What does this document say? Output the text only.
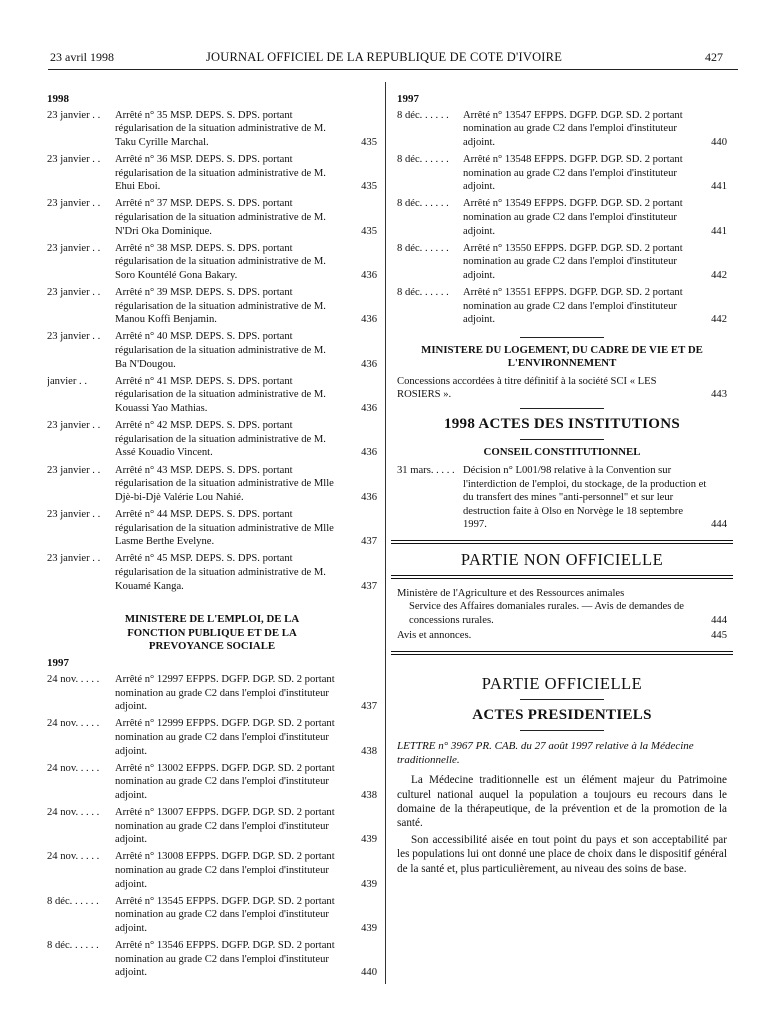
23 avril 1998	JOURNAL OFFICIEL DE LA REPUBLIQUE DE COTE D'IVOIRE	427
1998
23 janvier . .	Arrêté n° 35 MSP. DEPS. S. DPS. portant régularisation de la situation administrative de M. Taku Cyrille Marchal.	435
23 janvier . .	Arrêté n° 36 MSP. DEPS. S. DPS. portant régularisation de la situation administrative de M. Ehui Eboi.	435
23 janvier . .	Arrêté n° 37 MSP. DEPS. S. DPS. portant régularisation de la situation administrative de M. N'Dri Oka Dominique.	435
23 janvier . .	Arrêté n° 38 MSP. DEPS. S. DPS. portant régularisation de la situation administrative de M. Soro Kountélé Gona Bakary.	436
23 janvier . .	Arrêté n° 39 MSP. DEPS. S. DPS. portant régularisation de la situation administrative de M. Manou Koffi Benjamin.	436
23 janvier . .	Arrêté n° 40 MSP. DEPS. S. DPS. portant régularisation de la situation administrative de M. Ba N'Dougou.	436
janvier . .	Arrêté n° 41 MSP. DEPS. S. DPS. portant régularisation de la situation administrative de M. Kouassi Yao Mathias.	436
23 janvier . .	Arrêté n° 42 MSP. DEPS. S. DPS. portant régularisation de la situation administrative de M. Assé Kouadio Vincent.	436
23 janvier . .	Arrêté n° 43 MSP. DEPS. S. DPS. portant régularisation de la situation administrative de Mlle Djè-bi-Djè Valérie Lou Nahié.	436
23 janvier . .	Arrêté n° 44 MSP. DEPS. S. DPS. portant régularisation de la situation administrative de Mlle Lasme Berthe Evelyne.	437
23 janvier . .	Arrêté n° 45 MSP. DEPS. S. DPS. portant régularisation de la situation administrative de M. Kouamé Kanga.	437
MINISTERE DE L'EMPLOI, DE LA FONCTION PUBLIQUE ET DE LA PREVOYANCE SOCIALE
1997
24 nov. . . . .	Arrêté n° 12997 EFPPS. DGFP. DGP. SD. 2 portant nomination au grade C2 dans l'emploi d'instituteur adjoint.	437
24 nov. . . . .	Arrêté n° 12999 EFPPS. DGFP. DGP. SD. 2 portant nomination au grade C2 dans l'emploi d'instituteur adjoint.	438
24 nov. . . . .	Arrêté n° 13002 EFPPS. DGFP. DGP. SD. 2 portant nomination au grade C2 dans l'emploi d'instituteur adjoint.	438
24 nov. . . . .	Arrêté n° 13007 EFPPS. DGFP. DGP. SD. 2 portant nomination au grade C2 dans l'emploi d'instituteur adjoint.	439
24 nov. . . . .	Arrêté n° 13008 EFPPS. DGFP. DGP. SD. 2 portant nomination au grade C2 dans l'emploi d'instituteur adjoint.	439
8 déc. . . . . .	Arrêté n° 13545 EFPPS. DGFP. DGP. SD. 2 portant nomination au grade C2 dans l'emploi d'instituteur adjoint.	439
8 déc. . . . . .	Arrêté n° 13546 EFPPS. DGFP. DGP. SD. 2 portant nomination au grade C2 dans l'emploi d'instituteur adjoint.	440
1997
8 déc. . . . . .	Arrêté n° 13547 EFPPS. DGFP. DGP. SD. 2 portant nomination au grade C2 dans l'emploi d'instituteur adjoint.	440
8 déc. . . . . .	Arrêté n° 13548 EFPPS. DGFP. DGP. SD. 2 portant nomination au grade C2 dans l'emploi d'instituteur adjoint.	441
8 déc. . . . . .	Arrêté n° 13549 EFPPS. DGFP. DGP. SD. 2 portant nomination au grade C2 dans l'emploi d'instituteur adjoint.	441
8 déc. . . . . .	Arrêté n° 13550 EFPPS. DGFP. DGP. SD. 2 portant nomination au grade C2 dans l'emploi d'instituteur adjoint.	442
8 déc. . . . . .	Arrêté n° 13551 EFPPS. DGFP. DGP. SD. 2 portant nomination au grade C2 dans l'emploi d'instituteur adjoint.	442
MINISTERE DU LOGEMENT, DU CADRE DE VIE ET DE L'ENVIRONNEMENT
Concessions accordées à titre définitif à la société SCI « LES ROSIERS ».	443
1998 ACTES DES INSTITUTIONS
CONSEIL CONSTITUTIONNEL
31 mars. . . . . Décision n° L001/98 relative à la Convention sur l'interdiction de l'emploi, du stockage, de la production et du transfert des mines "anti-personnel" et sur leur destruction faite à Olso en Norvège le 18 septembre 1997.	444
PARTIE NON OFFICIELLE
Ministère de l'Agriculture et des Ressources animales
Service des Affaires domaniales rurales. — Avis de demandes de concessions rurales.	444
Avis et annonces.	445
PARTIE OFFICIELLE
ACTES PRESIDENTIELS
LETTRE n° 3967 PR. CAB. du 27 août 1997 relative à la Médecine traditionnelle.

La Médecine traditionnelle est un élément majeur du Patrimoine culturel national auquel la population a toujours eu recours dans le domaine de la thérapeutique, de la prévention et de la promotion de la santé.

Son accessibilité aisée en tout point du pays et son acceptabilité par les populations lui ont donné une place de choix dans le dispositif général de la santé et, plus particulièrement, au niveau des soins de base.
